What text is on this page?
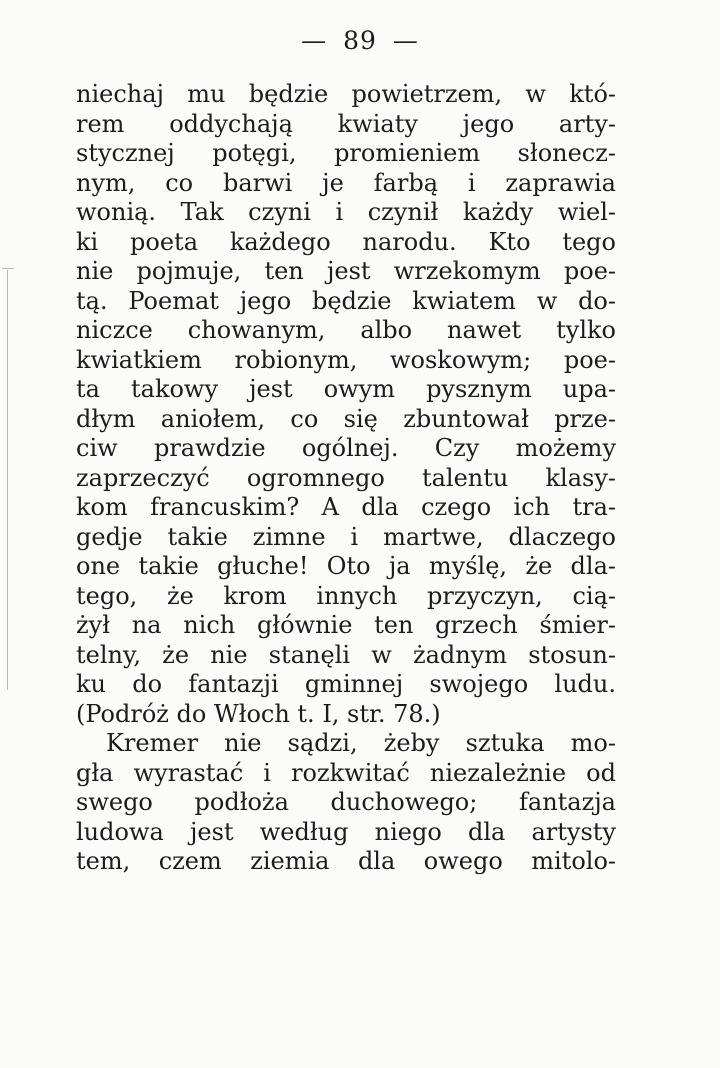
— 89 —
niechaj mu będzie powietrzem, w któ-
rem oddychają kwiaty jego arty-
stycznej potęgi, promieniem słonecz-
nym, co barwi je farbą i zaprawia
wonią. Tak czyni i czynił każdy wiel-
ki poeta każdego narodu. Kto tego
nie pojmuje, ten jest wrzekomym poe-
tą. Poemat jego będzie kwiatem w do-
niczce chowanym, albo nawet tylko
kwiatkiem robionym, woskowym; poe-
ta takowy jest owym pysznym upa-
dłym aniołem, co się zbuntował prze-
ciw prawdzie ogólnej. Czy możemy
zaprzeczyć ogromnego talentu klasy-
kom francuskim? A dla czego ich tra-
gedje takie zimne i martwe, dlaczego
one takie głuche! Oto ja myślę, że dla-
tego, że krom innych przyczyn, cią-
żył na nich głównie ten grzech śmier-
telny, że nie stanęli w żadnym stosun-
ku do fantazji gminnej swojego ludu.
(Podróż do Włoch t. I, str. 78.)
Kremer nie sądzi, żeby sztuka mo-
gła wyrastać i rozkwitać niezależnie od
swego podłoża duchowego; fantazja
ludowa jest według niego dla artysty
tem, czem ziemia dla owego mitolo-
